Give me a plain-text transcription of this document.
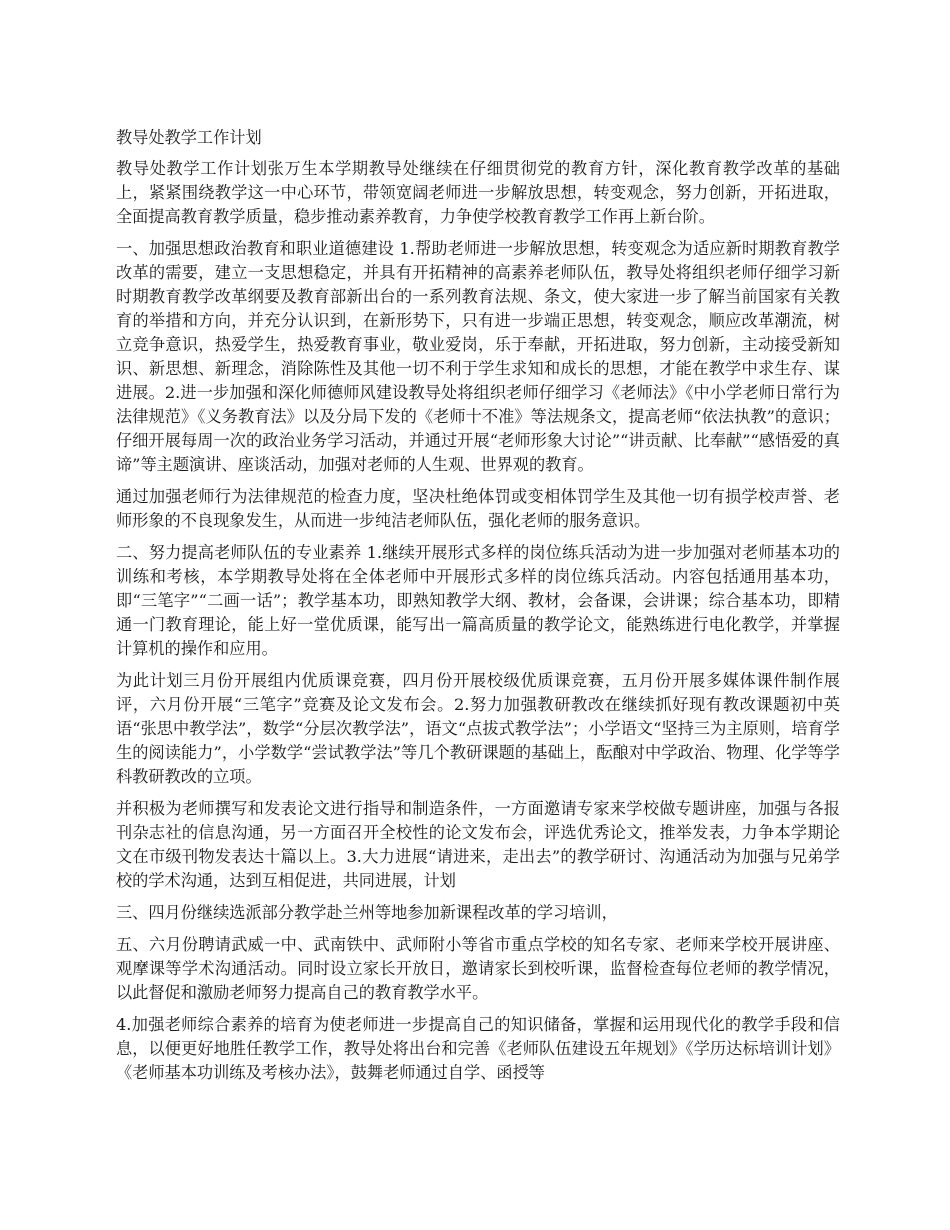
教导处教学工作计划

教导处教学工作计划张万生本学期教导处继续在仔细贯彻党的教育方针，深化教育教学改革的基础上，紧紧围绕教学这一中心环节，带领宽阔老师进一步解放思想，转变观念，努力创新，开拓进取，全面提高教育教学质量，稳步推动素养教育，力争使学校教育教学工作再上新台阶。

一、加强思想政治教育和职业道德建设 1.帮助老师进一步解放思想，转变观念为适应新时期教育教学改革的需要，建立一支思想稳定，并具有开拓精神的高素养老师队伍，教导处将组织老师仔细学习新时期教育教学改革纲要及教育部新出台的一系列教育法规、条文，使大家进一步了解当前国家有关教育的举措和方向，并充分认识到，在新形势下，只有进一步端正思想，转变观念，顺应改革潮流，树立竞争意识，热爱学生，热爱教育事业，敬业爱岗，乐于奉献，开拓进取，努力创新，主动接受新知识、新思想、新理念，消除陈性及其他一切不利于学生求知和成长的思想，才能在教学中求生存、谋进展。2.进一步加强和深化师德师风建设教导处将组织老师仔细学习《老师法》《中小学老师日常行为法律规范》《义务教育法》以及分局下发的《老师十不准》等法规条文，提高老师“依法执教”的意识；仔细开展每周一次的政治业务学习活动，并通过开展“老师形象大讨论”“讲贡献、比奉献”“感悟爱的真谛”等主题演讲、座谈活动，加强对老师的人生观、世界观的教育。

通过加强老师行为法律规范的检查力度，坚决杜绝体罚或变相体罚学生及其他一切有损学校声誉、老师形象的不良现象发生，从而进一步纯洁老师队伍，强化老师的服务意识。

二、努力提高老师队伍的专业素养 1.继续开展形式多样的岗位练兵活动为进一步加强对老师基本功的训练和考核，本学期教导处将在全体老师中开展形式多样的岗位练兵活动。内容包括通用基本功，即“三笔字”“二画一话”；教学基本功，即熟知教学大纲、教材，会备课，会讲课；综合基本功，即精通一门教育理论，能上好一堂优质课，能写出一篇高质量的教学论文，能熟练进行电化教学，并掌握计算机的操作和应用。

为此计划三月份开展组内优质课竞赛，四月份开展校级优质课竞赛，五月份开展多媒体课件制作展评，六月份开展“三笔字”竞赛及论文发布会。2.努力加强教研教改在继续抓好现有教改课题初中英语“张思中教学法”，数学“分层次教学法”，语文“点拔式教学法”；小学语文“坚持三为主原则，培育学生的阅读能力”，小学数学“尝试教学法”等几个教研课题的基础上，酝酿对中学政治、物理、化学等学科教研教改的立项。

并积极为老师撰写和发表论文进行指导和制造条件，一方面邀请专家来学校做专题讲座，加强与各报刊杂志社的信息沟通，另一方面召开全校性的论文发布会，评选优秀论文，推举发表，力争本学期论文在市级刊物发表达十篇以上。3.大力进展“请进来，走出去”的教学研讨、沟通活动为加强与兄弟学校的学术沟通，达到互相促进，共同进展，计划

三、四月份继续选派部分教学赴兰州等地参加新课程改革的学习培训，

五、六月份聘请武威一中、武南铁中、武师附小等省市重点学校的知名专家、老师来学校开展讲座、观摩课等学术沟通活动。同时设立家长开放日，邀请家长到校听课，监督检查每位老师的教学情况，以此督促和激励老师努力提高自己的教育教学水平。

4.加强老师综合素养的培育为使老师进一步提高自己的知识储备，掌握和运用现代化的教学手段和信息，以便更好地胜任教学工作，教导处将出台和完善《老师队伍建设五年规划》《学历达标培训计划》《老师基本功训练及考核办法》，鼓舞老师通过自学、函授等
